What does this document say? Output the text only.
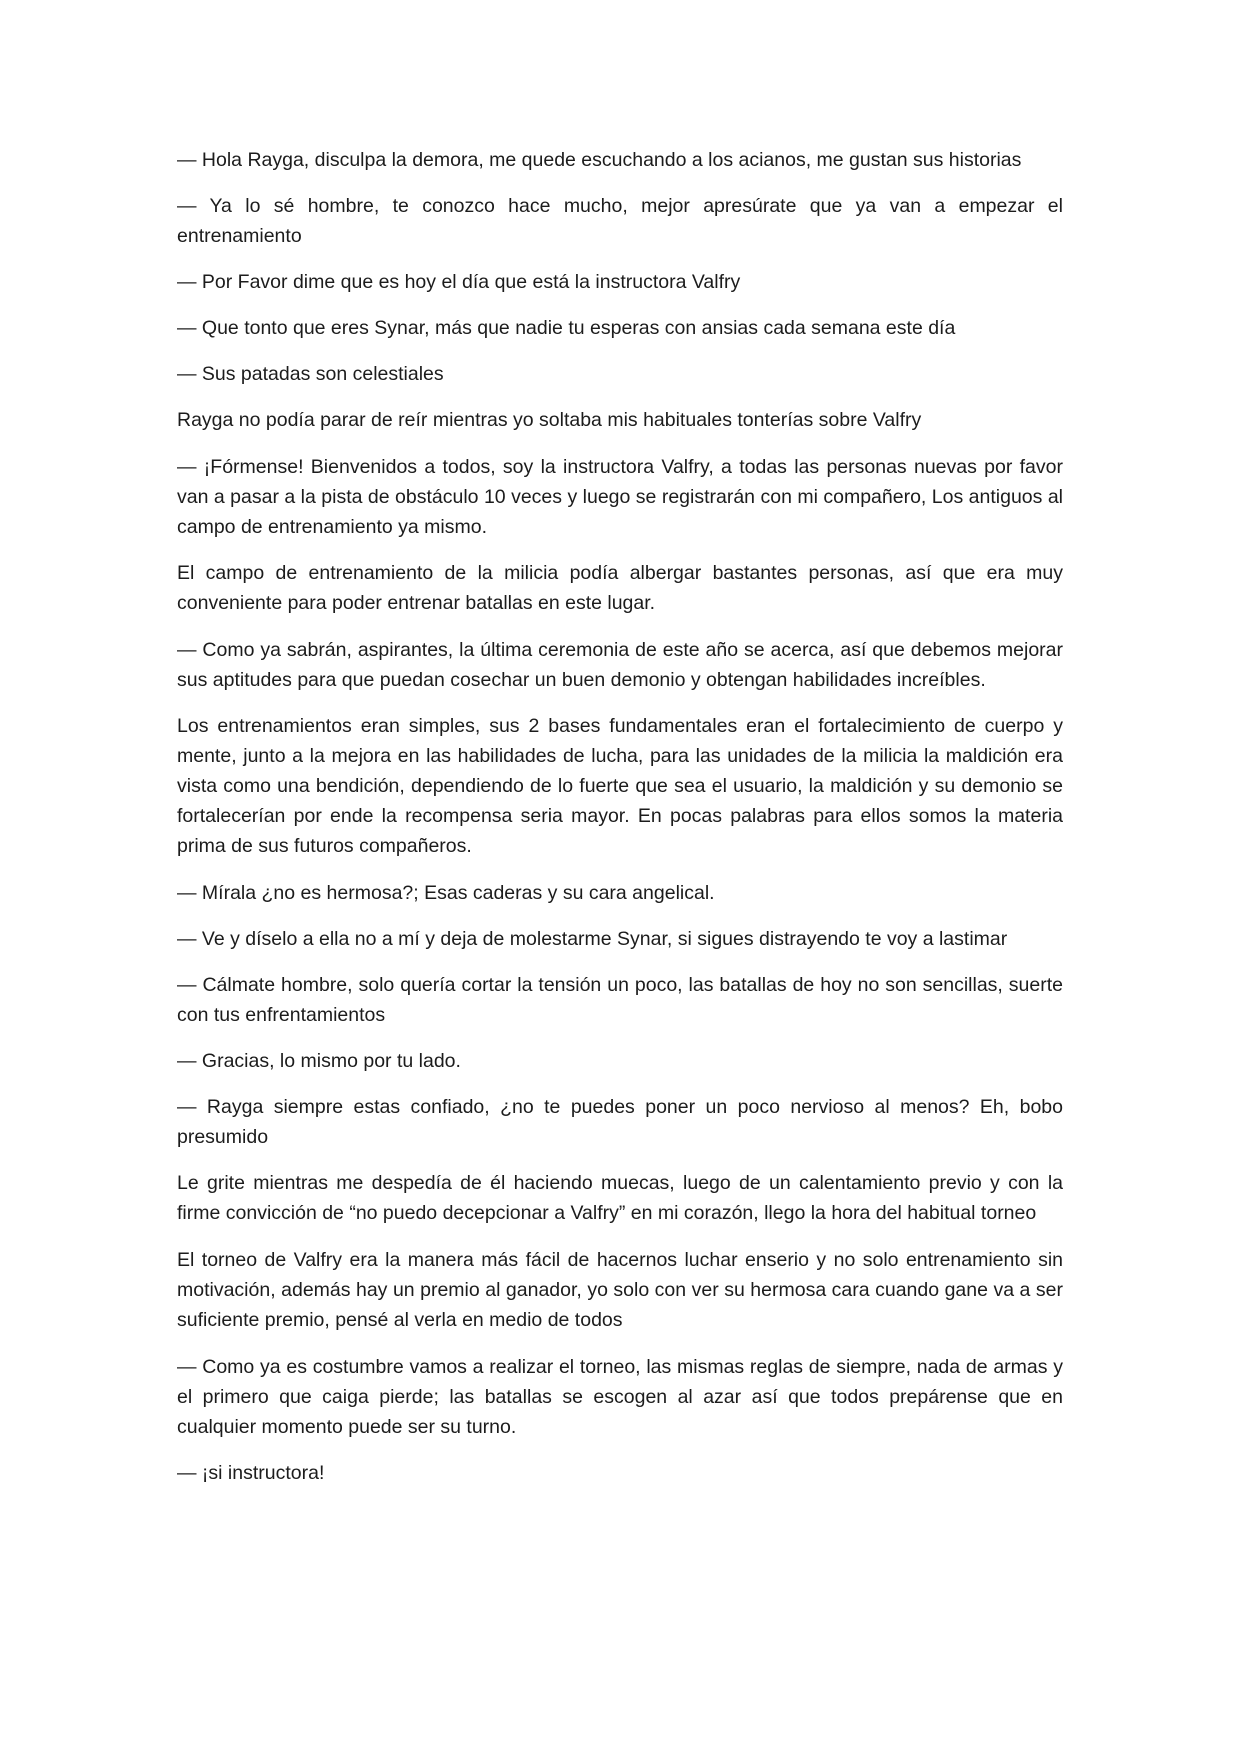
— Hola Rayga, disculpa la demora, me quede escuchando a los acianos, me gustan sus historias

— Ya lo sé hombre, te conozco hace mucho, mejor apresúrate que ya van a empezar el entrenamiento

— Por Favor dime que es hoy el día que está la instructora Valfry

— Que tonto que eres Synar, más que nadie tu esperas con ansias cada semana este día

— Sus patadas son celestiales

Rayga no podía parar de reír mientras yo soltaba mis habituales tonterías sobre Valfry

— ¡Fórmense! Bienvenidos a todos, soy la instructora Valfry, a todas las personas nuevas por favor van a pasar a la pista de obstáculo 10 veces y luego se registrarán con mi compañero, Los antiguos al campo de entrenamiento ya mismo.

El campo de entrenamiento de la milicia podía albergar bastantes personas, así que era muy conveniente para poder entrenar batallas en este lugar.

— Como ya sabrán, aspirantes, la última ceremonia de este año se acerca, así que debemos mejorar sus aptitudes para que puedan cosechar un buen demonio y obtengan habilidades increíbles.

Los entrenamientos eran simples, sus 2 bases fundamentales eran el fortalecimiento de cuerpo y mente, junto a la mejora en las habilidades de lucha, para las unidades de la milicia la maldición era vista como una bendición, dependiendo de lo fuerte que sea el usuario, la maldición y su demonio se fortalecerían por ende la recompensa seria mayor. En pocas palabras para ellos somos la materia prima de sus futuros compañeros.

— Mírala ¿no es hermosa?; Esas caderas y su cara angelical.

— Ve y díselo a ella no a mí y deja de molestarme Synar, si sigues distrayendo te voy a lastimar

— Cálmate hombre, solo quería cortar la tensión un poco, las batallas de hoy no son sencillas, suerte con tus enfrentamientos

— Gracias, lo mismo por tu lado.

— Rayga siempre estas confiado, ¿no te puedes poner un poco nervioso al menos? Eh, bobo presumido

Le grite mientras me despedía de él haciendo muecas, luego de un calentamiento previo y con la firme convicción de “no puedo decepcionar a Valfry” en mi corazón, llego la hora del habitual torneo

El torneo de Valfry era la manera más fácil de hacernos luchar enserio y no solo entrenamiento sin motivación, además hay un premio al ganador, yo solo con ver su hermosa cara cuando gane va a ser suficiente premio, pensé al verla en medio de todos

— Como ya es costumbre vamos a realizar el torneo, las mismas reglas de siempre, nada de armas y el primero que caiga pierde; las batallas se escogen al azar así que todos prepárense que en cualquier momento puede ser su turno.

— ¡si instructora!
